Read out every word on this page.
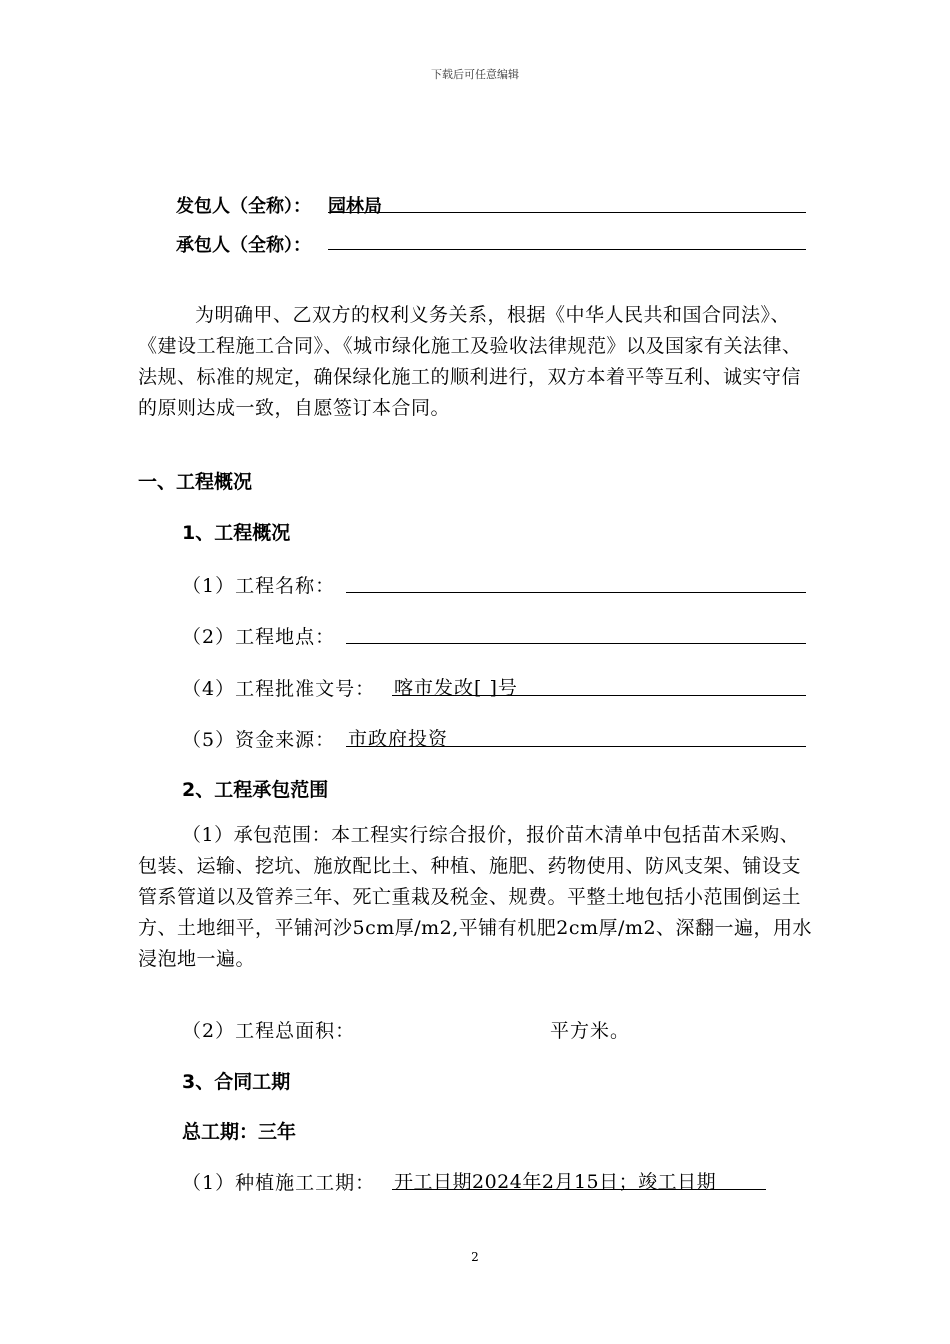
下载后可任意编辑
发包人（全称）： 园林局
承包人（全称）：
为明确甲、乙双方的权利义务关系，根据《中华人民共和国合同法》、《建设工程施工合同》、《城市绿化施工及验收法律规范》以及国家有关法律、法规、标准的规定，确保绿化施工的顺利进行，双方本着平等互利、诚实守信的原则达成一致，自愿签订本合同。
一、工程概况
1、工程概况
（1）工程名称：
（2）工程地点：
（4）工程批准文号： 喀市发改[ ]号
（5）资金来源： 市政府投资
2、工程承包范围
（1）承包范围：本工程实行综合报价，报价苗木清单中包括苗木采购、包装、运输、挖坑、施放配比土、种植、施肥、药物使用、防风支架、铺设支管系管道以及管养三年、死亡重栽及税金、规费。平整土地包括小范围倒运土方、土地细平，平铺河沙5cm厚/m2,平铺有机肥2cm厚/m2、深翻一遍，用水浸泡地一遍。
（2）工程总面积：	平方米。
3、合同工期
总工期：三年
（1）种植施工工期： 开工日期2024年2月15日；竣工日期
2
